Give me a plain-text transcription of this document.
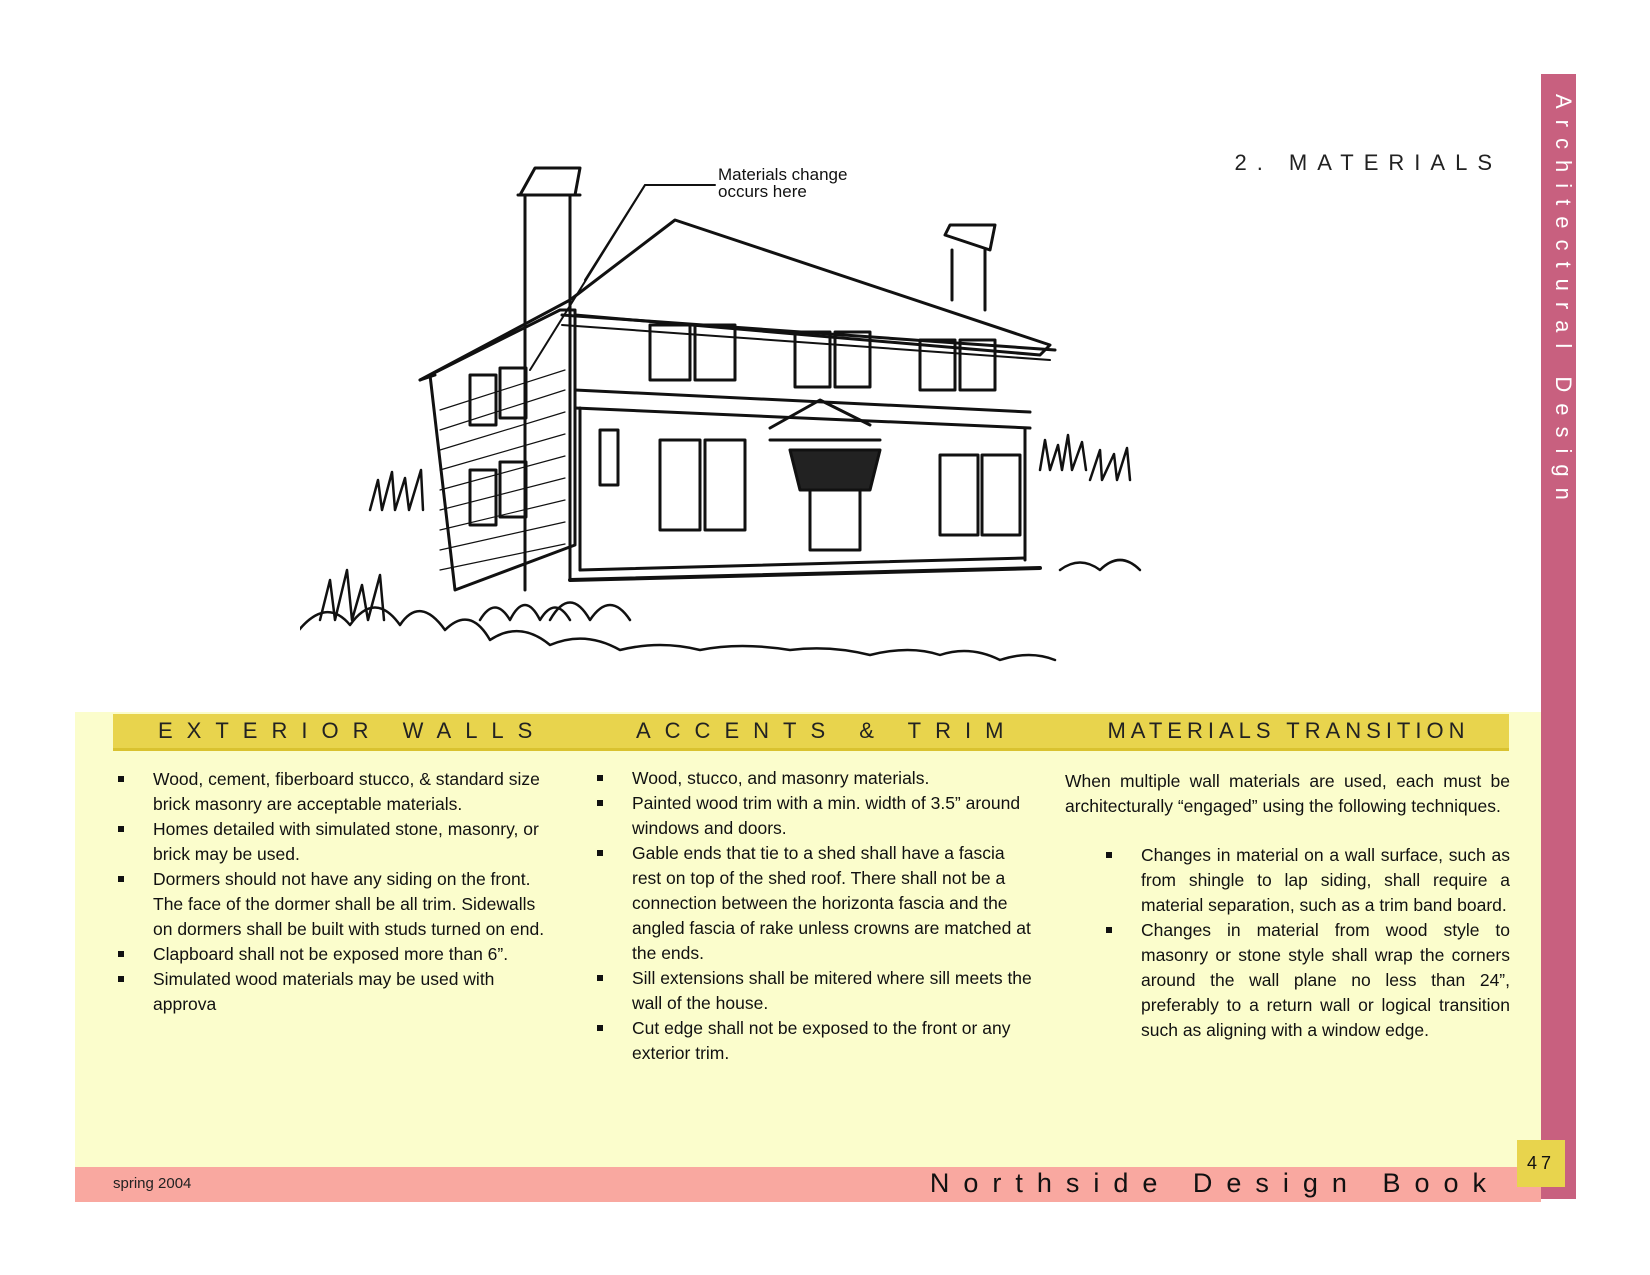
Architectural Design
2. MATERIALS
Materials change occurs here
EXTERIOR WALLS	ACCENTS & TRIM	MATERIALS TRANSITION
Wood, cement, fiberboard stucco, & standard size brick masonry are acceptable materials.
Homes detailed with simulated stone, masonry, or brick may be used.
Dormers should not have any siding on the front. The face of the dormer shall be all trim. Sidewalls on dormers shall be built with studs turned on end.
Clapboard shall not be exposed more than 6”.
Simulated wood materials may be used with approva
Wood, stucco, and masonry materials.
Painted wood trim with a min. width of 3.5” around windows and doors.
Gable ends that tie to a shed shall have a fascia rest on top of the shed roof. There shall not be a connection between the horizonta fascia and the angled fascia of rake unless crowns are matched at the ends.
Sill extensions shall be mitered where sill meets the wall of the house.
Cut edge shall not be exposed to the front or any exterior trim.

When multiple wall materials are used, each must be architecturally “engaged” using the following techniques.

Changes in material on a wall surface, such as from shingle to lap siding, shall require a material separation, such as a trim band board.
Changes in material from wood style to masonry or stone style shall wrap the corners around the wall plane no less than 24”, preferably to a return wall or logical transition such as aligning with a window edge.
spring 2004	Northside Design Book
47
